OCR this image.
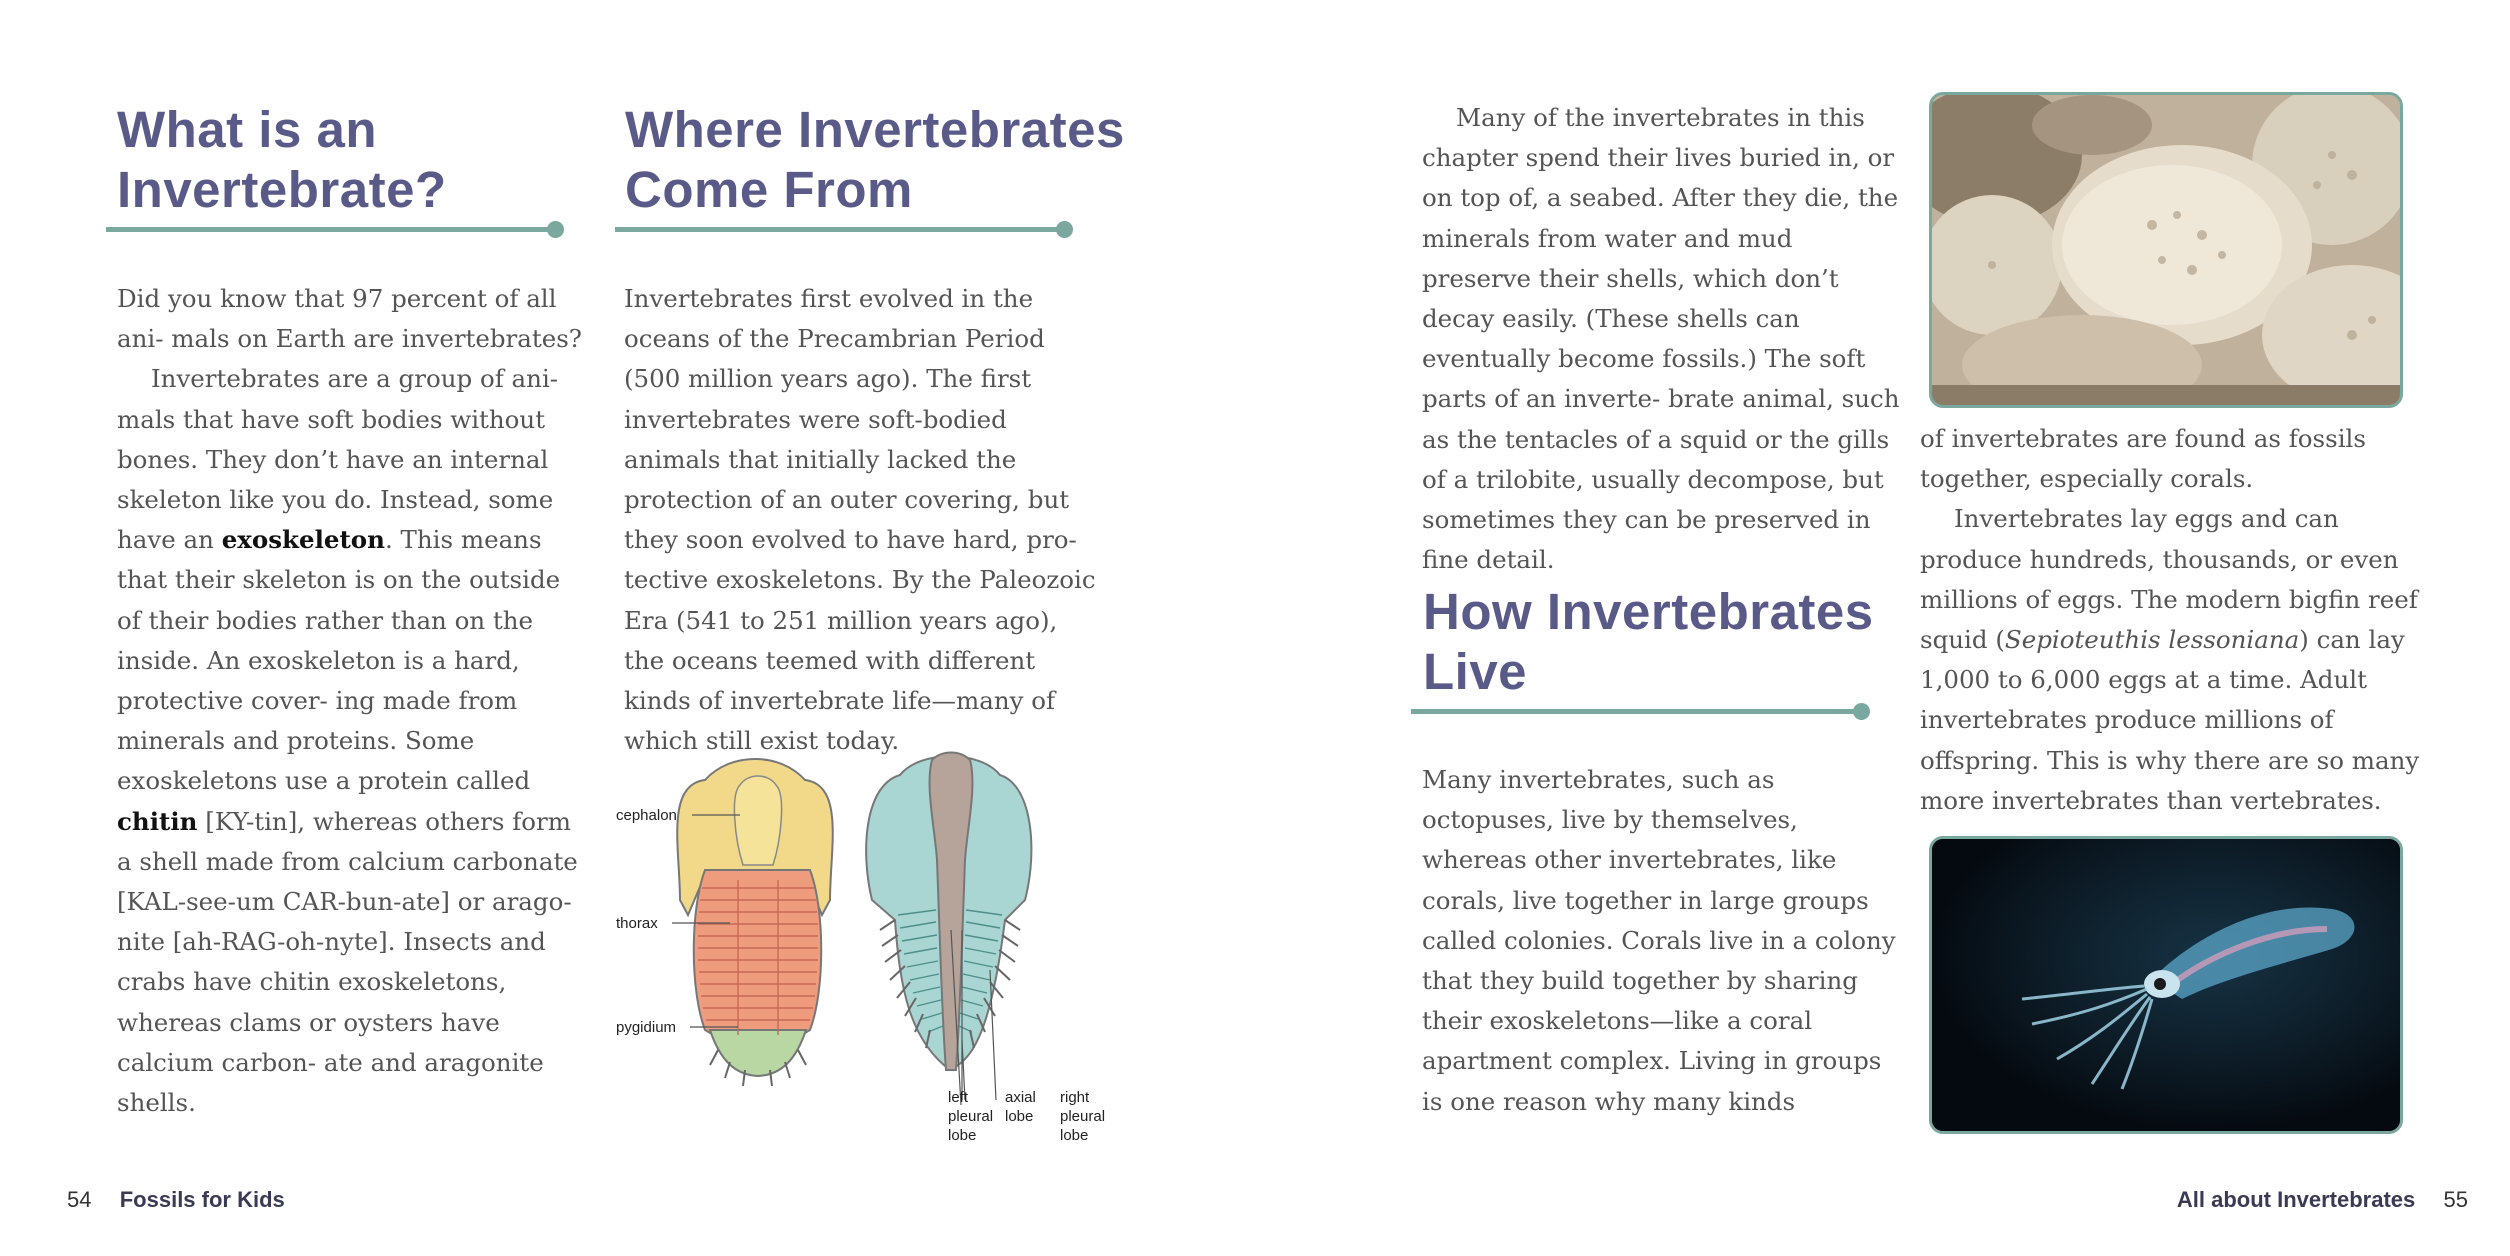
What is an
Invertebrate?
Where Invertebrates
Come From

Did you know that 97 percent of all ani- mals on Earth are invertebrates?

Invertebrates are a group of ani- mals that have soft bodies without bones. They don’t have an internal skeleton like you do. Instead, some have an exoskeleton. This means that their skeleton is on the outside of their bodies rather than on the inside. An exoskeleton is a hard, protective cover- ing made from minerals and proteins. Some exoskeletons use a protein called chitin [KY-tin], whereas others form a shell made from calcium carbonate [KAL-see-um CAR-bun-ate] or arago- nite [ah-RAG-oh-nyte]. Insects and crabs have chitin exoskeletons, whereas clams or oysters have calcium carbon- ate and aragonite shells.

Invertebrates first evolved in the oceans of the Precambrian Period (500 million years ago). The first invertebrates were soft-bodied animals that initially lacked the protection of an outer covering, but they soon evolved to have hard, pro- tective exoskeletons. By the Paleozoic Era (541 to 251 million years ago), the oceans teemed with different kinds of invertebrate life—many of which still exist today.

cephalon
thorax
pygidium
left
pleural
lobe
axial
lobe
right
pleural
lobe
54 Fossils for Kids

Many of the invertebrates in this chapter spend their lives buried in, or on top of, a seabed. After they die, the minerals from water and mud preserve their shells, which don’t decay easily. (These shells can eventually become fossils.) The soft parts of an inverte- brate animal, such as the tentacles of a squid or the gills of a trilobite, usually decompose, but sometimes they can be preserved in fine detail.

How Invertebrates
Live

Many invertebrates, such as octopuses, live by themselves, whereas other invertebrates, like corals, live together in large groups called colonies. Corals live in a colony that they build together by sharing their exoskeletons—like a coral apartment complex. Living in groups is one reason why many kinds

of invertebrates are found as fossils together, especially corals.

Invertebrates lay eggs and can produce hundreds, thousands, or even millions of eggs. The modern bigfin reef squid (Sepioteuthis lessoniana) can lay 1,000 to 6,000 eggs at a time. Adult invertebrates produce millions of offspring. This is why there are so many more invertebrates than vertebrates.

All about Invertebrates 55
